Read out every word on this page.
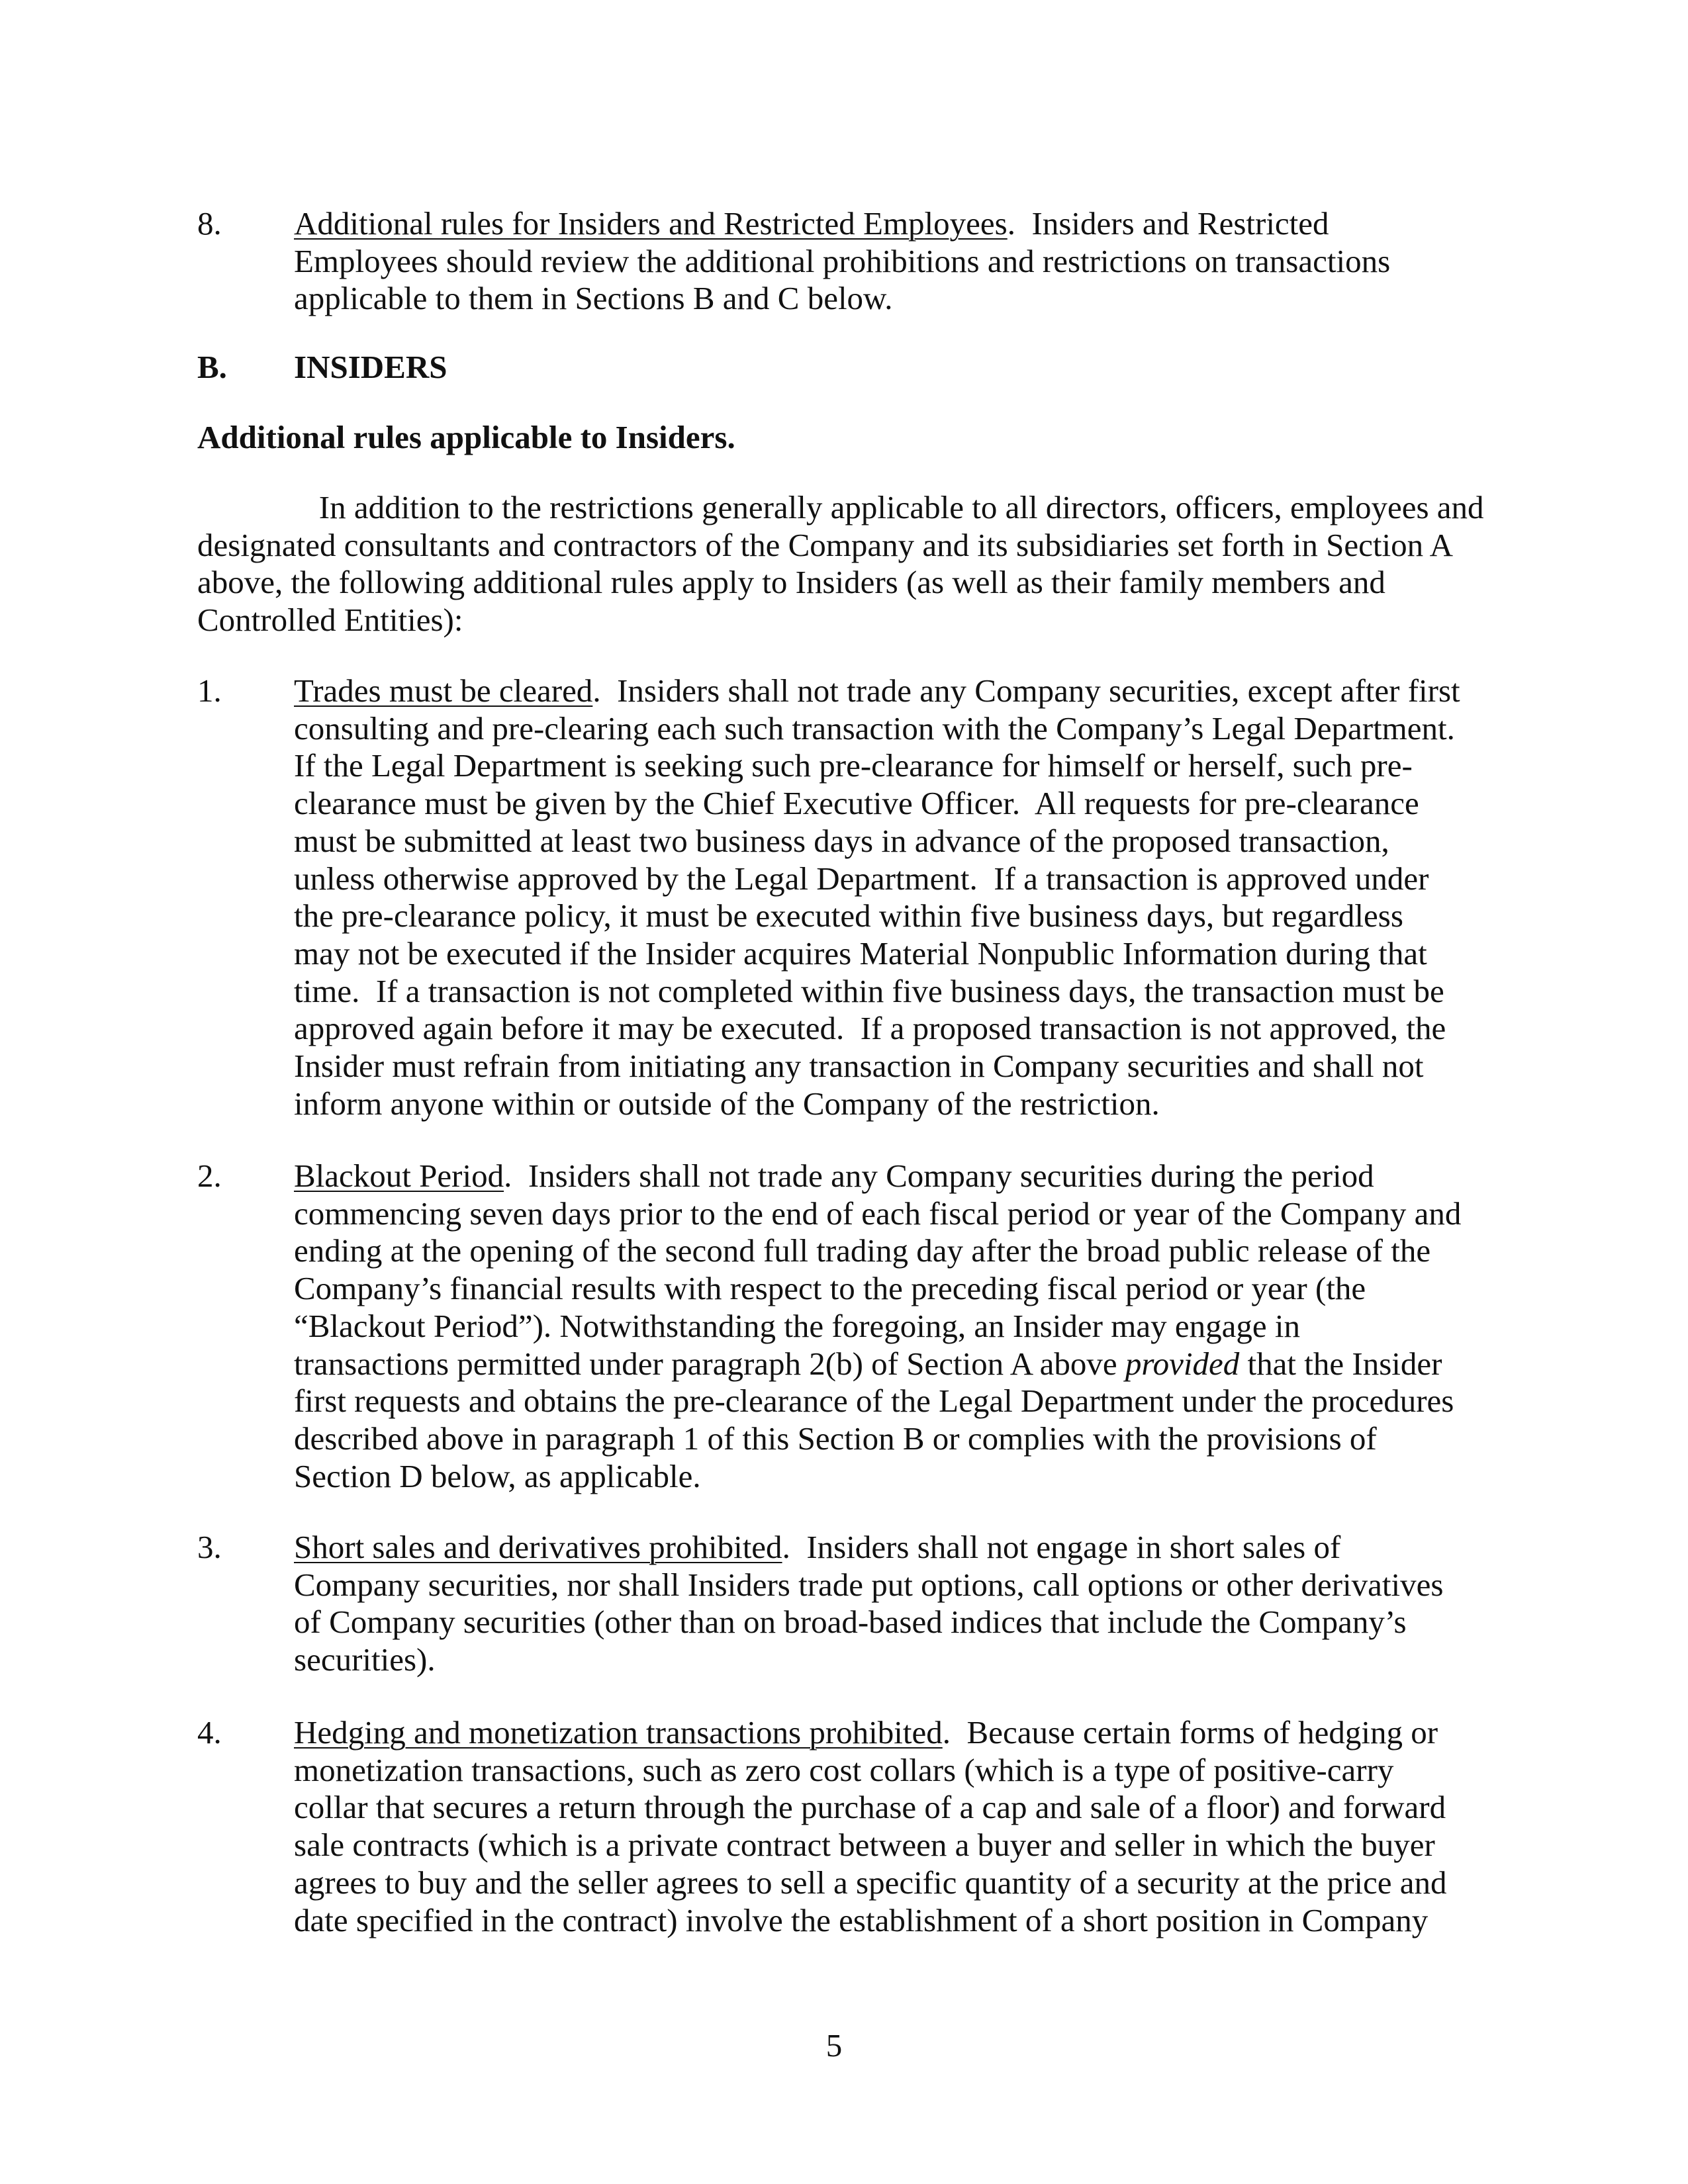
8. Additional rules for Insiders and Restricted Employees.  Insiders and Restricted
Employees should review the additional prohibitions and restrictions on transactions
applicable to them in Sections B and C below.
B. INSIDERS
Additional rules applicable to Insiders.
In addition to the restrictions generally applicable to all directors, officers, employees and
designated consultants and contractors of the Company and its subsidiaries set forth in Section A
above, the following additional rules apply to Insiders (as well as their family members and
Controlled Entities):
1. Trades must be cleared.  Insiders shall not trade any Company securities, except after first
consulting and pre-clearing each such transaction with the Company’s Legal Department.
If the Legal Department is seeking such pre-clearance for himself or herself, such pre-
clearance must be given by the Chief Executive Officer.  All requests for pre-clearance
must be submitted at least two business days in advance of the proposed transaction,
unless otherwise approved by the Legal Department.  If a transaction is approved under
the pre-clearance policy, it must be executed within five business days, but regardless
may not be executed if the Insider acquires Material Nonpublic Information during that
time.  If a transaction is not completed within five business days, the transaction must be
approved again before it may be executed.  If a proposed transaction is not approved, the
Insider must refrain from initiating any transaction in Company securities and shall not
inform anyone within or outside of the Company of the restriction.
2. Blackout Period.  Insiders shall not trade any Company securities during the period
commencing seven days prior to the end of each fiscal period or year of the Company and
ending at the opening of the second full trading day after the broad public release of the
Company’s financial results with respect to the preceding fiscal period or year (the
“Blackout Period”). Notwithstanding the foregoing, an Insider may engage in
transactions permitted under paragraph 2(b) of Section A above provided that the Insider
first requests and obtains the pre-clearance of the Legal Department under the procedures
described above in paragraph 1 of this Section B or complies with the provisions of
Section D below, as applicable.
3. Short sales and derivatives prohibited.  Insiders shall not engage in short sales of
Company securities, nor shall Insiders trade put options, call options or other derivatives
of Company securities (other than on broad-based indices that include the Company’s
securities).
4. Hedging and monetization transactions prohibited.  Because certain forms of hedging or
monetization transactions, such as zero cost collars (which is a type of positive-carry
collar that secures a return through the purchase of a cap and sale of a floor) and forward
sale contracts (which is a private contract between a buyer and seller in which the buyer
agrees to buy and the seller agrees to sell a specific quantity of a security at the price and
date specified in the contract) involve the establishment of a short position in Company
5
